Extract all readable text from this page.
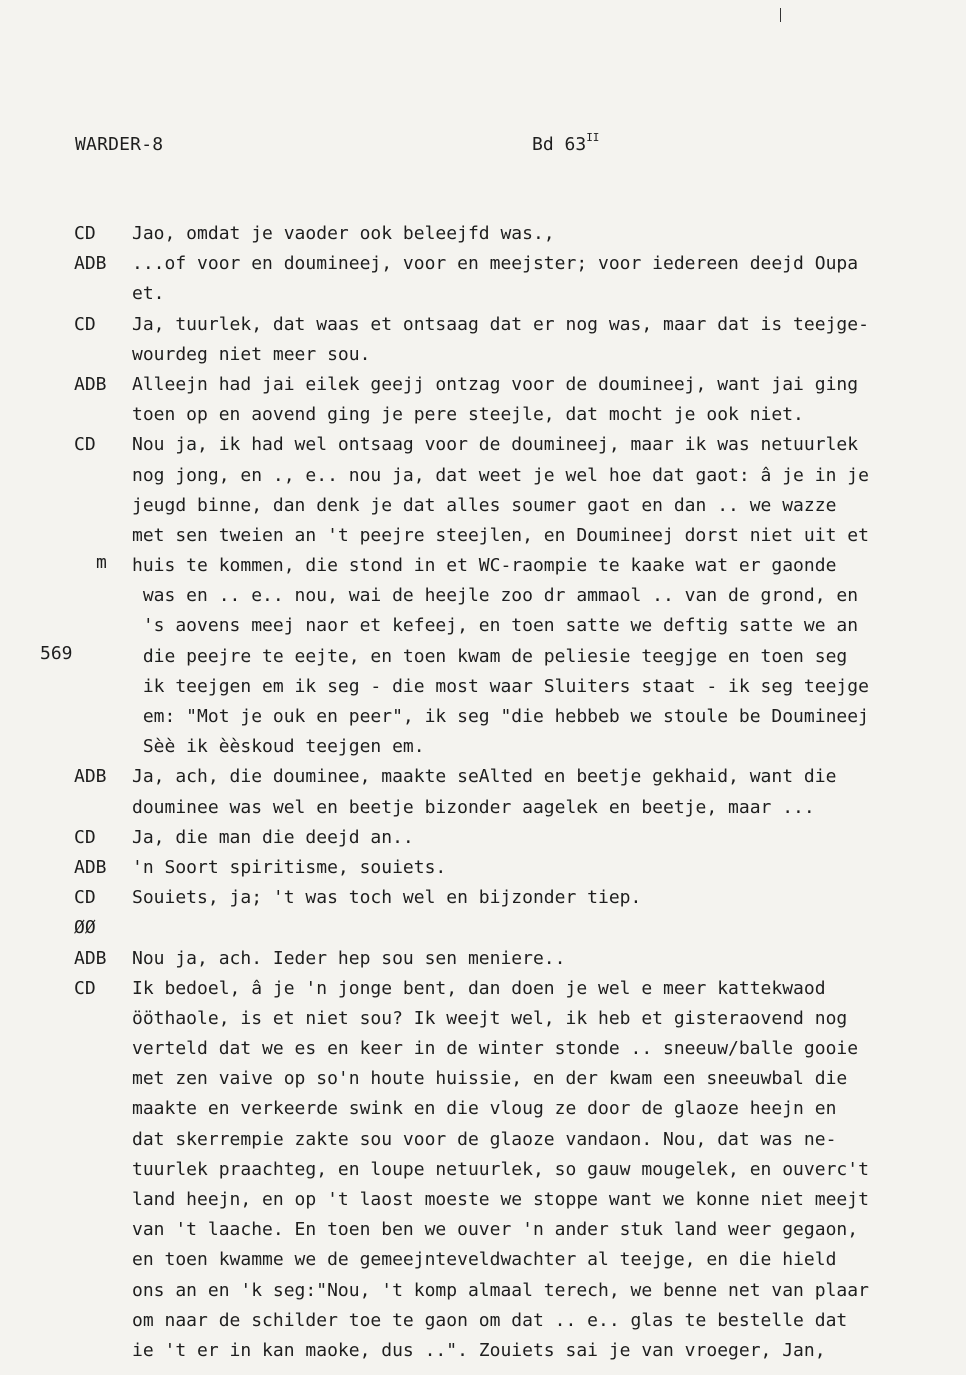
WARDER-8	Bd $63^{II}$
CD	Jao, omdat je vaoder ook beleejfd was.,
ADB	...of voor en doumineej, voor en meejster; voor iedereen deejd Oupa
et.
CD	Ja, tuurlek, dat waas et ontsaag dat er nog was, maar dat is teejge-
wourdeg niet meer sou.
ADB	Alleejn had jai eilek geejj ontzag voor de doumineej, want jai ging
toen op en aovend ging je pere steejle, dat mocht je ook niet.
m
569
CD	Nou ja, ik had wel ontsaag voor de doumineej, maar ik was netuurlek
nog jong, en ., e.. nou ja, dat weet je wel hoe dat gaot: â je in je
jeugd binne, dan denk je dat alles soumer gaot en dan .. we wazze
met sen tweien an 't peejre steejlen, en Doumineej dorst niet uit et
huis te kommen, die stond in et WC-raompie te kaake wat er gaonde
was en .. e.. nou, wai de heejle zoo dr ammaol .. van de grond, en
's aovens meej naor et kefeej, en toen satte we deftig satte we an
die peejre te eejte, en toen kwam de peliesie teegjge en toen seg
ik teejgen em ik seg - die most waar Sluiters staat - ik seg teejge
em: "Mot je ouk en peer", ik seg "die hebbeb we stoule be Doumineej
Sèè ik èèskoud teejgen em.
ADB	Ja, ach, die douminee, maakte seAlted en beetje gekhaid, want die
douminee was wel en beetje bizonder aagelek en beetje, maar ...
CD	Ja, die man die deejd an..
ADB	'n Soort spiritisme, souiets.
CD	Souiets, ja; 't was toch wel en bijzonder tiep.
ØØ
ADB	Nou ja, ach. Ieder hep sou sen meniere..
CD	Ik bedoel, â je 'n jonge bent, dan doen je wel e meer kattekwaod
ööthaole, is et niet sou? Ik weejt wel, ik heb et gisteraovend nog
verteld dat we es en keer in de winter stonde .. sneeuw/balle gooie
met zen vaive op so'n houte huissie, en der kwam een sneeuwbal die
maakte en verkeerde swink en die vloug ze door de glaoze heejn en
dat skerrempie zakte sou voor de glaoze vandaon. Nou, dat was ne-
tuurlek praachteg, en loupe netuurlek, so gauw mougelek, en ouverc't
land heejn, en op 't laost moeste we stoppe want we konne niet meejt
van 't laache. En toen ben we ouver 'n ander stuk land weer gegaon,
en toen kwamme we de gemeejnteveldwachter al teejge, en die hield
ons an en 'k seg:"Nou, 't komp almaal terech, we benne net van plaar
om naar de schilder toe te gaon om dat .. e.. glas te bestelle dat
ie 't er in kan maoke, dus ..". Zouiets sai je van vroeger, Jan,
